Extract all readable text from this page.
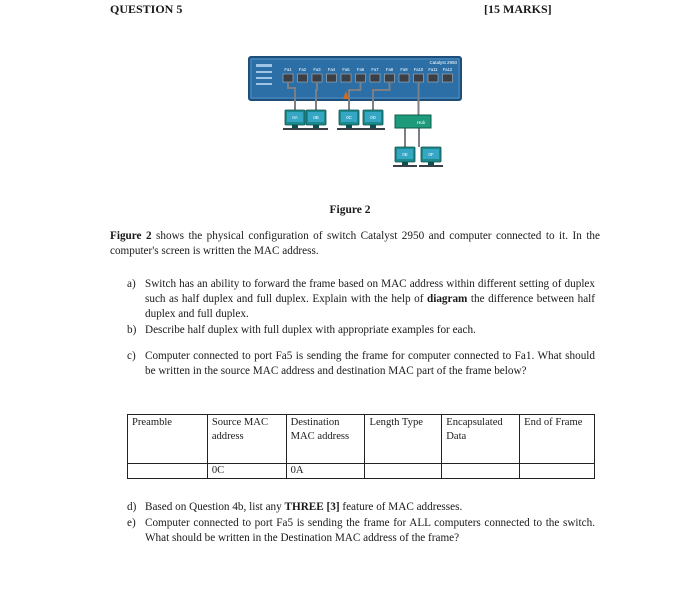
QUESTION 5	[15 MARKS]
Catalyst 2950
Fa1 Fa2 Fa3 Fa4 Fa5 Fa6 Fa7 Fa8 Fa9 Fa10 Fa11 Fa12
0A	0B	0C	0D
0E	0F
Hub
Figure 2
Figure 2 shows the physical configuration of switch Catalyst 2950 and computer connected to it. In the computer's screen is written the MAC address.
a) Switch has an ability to forward the frame based on MAC address within different setting of duplex such as half duplex and full duplex. Explain with the help of diagram the difference between half duplex and full duplex.
b) Describe half duplex with full duplex with appropriate examples for each.
c) Computer connected to port Fa5 is sending the frame for computer connected to Fa1. What should be written in the source MAC address and destination MAC part of the frame below?
Preamble	Source MAC address	Destination MAC address	Length Type	Encapsulated Data	End of Frame
	0C	0A			
d) Based on Question 4b, list any THREE [3] feature of MAC addresses.
e) Computer connected to port Fa5 is sending the frame for ALL computers connected to the switch. What should be written in the Destination MAC address of the frame?
